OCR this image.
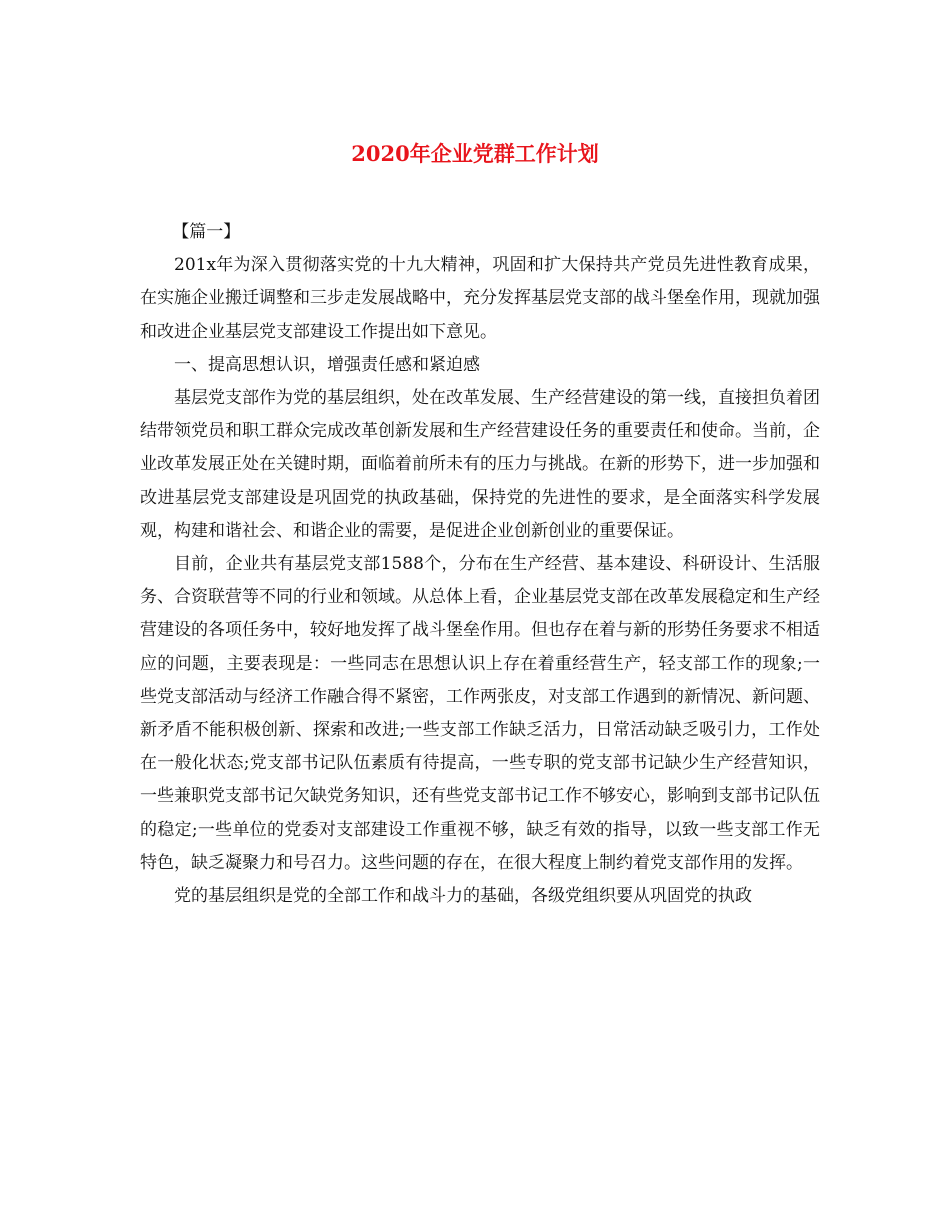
2020年企业党群工作计划

【篇一】

201x年为深入贯彻落实党的十九大精神，巩固和扩大保持共产党员先进性教育成果，在实施企业搬迁调整和三步走发展战略中，充分发挥基层党支部的战斗堡垒作用，现就加强和改进企业基层党支部建设工作提出如下意见。

一、提高思想认识，增强责任感和紧迫感

基层党支部作为党的基层组织，处在改革发展、生产经营建设的第一线，直接担负着团结带领党员和职工群众完成改革创新发展和生产经营建设任务的重要责任和使命。当前，企业改革发展正处在关键时期，面临着前所未有的压力与挑战。在新的形势下，进一步加强和改进基层党支部建设是巩固党的执政基础，保持党的先进性的要求，是全面落实科学发展观，构建和谐社会、和谐企业的需要，是促进企业创新创业的重要保证。

目前，企业共有基层党支部1588个，分布在生产经营、基本建设、科研设计、生活服务、合资联营等不同的行业和领域。从总体上看，企业基层党支部在改革发展稳定和生产经营建设的各项任务中，较好地发挥了战斗堡垒作用。但也存在着与新的形势任务要求不相适应的问题，主要表现是：一些同志在思想认识上存在着重经营生产，轻支部工作的现象;一些党支部活动与经济工作融合得不紧密，工作两张皮，对支部工作遇到的新情况、新问题、新矛盾不能积极创新、探索和改进;一些支部工作缺乏活力，日常活动缺乏吸引力，工作处在一般化状态;党支部书记队伍素质有待提高，一些专职的党支部书记缺少生产经营知识，一些兼职党支部书记欠缺党务知识，还有些党支部书记工作不够安心，影响到支部书记队伍的稳定;一些单位的党委对支部建设工作重视不够，缺乏有效的指导，以致一些支部工作无特色，缺乏凝聚力和号召力。这些问题的存在，在很大程度上制约着党支部作用的发挥。

党的基层组织是党的全部工作和战斗力的基础，各级党组织要从巩固党的执政
